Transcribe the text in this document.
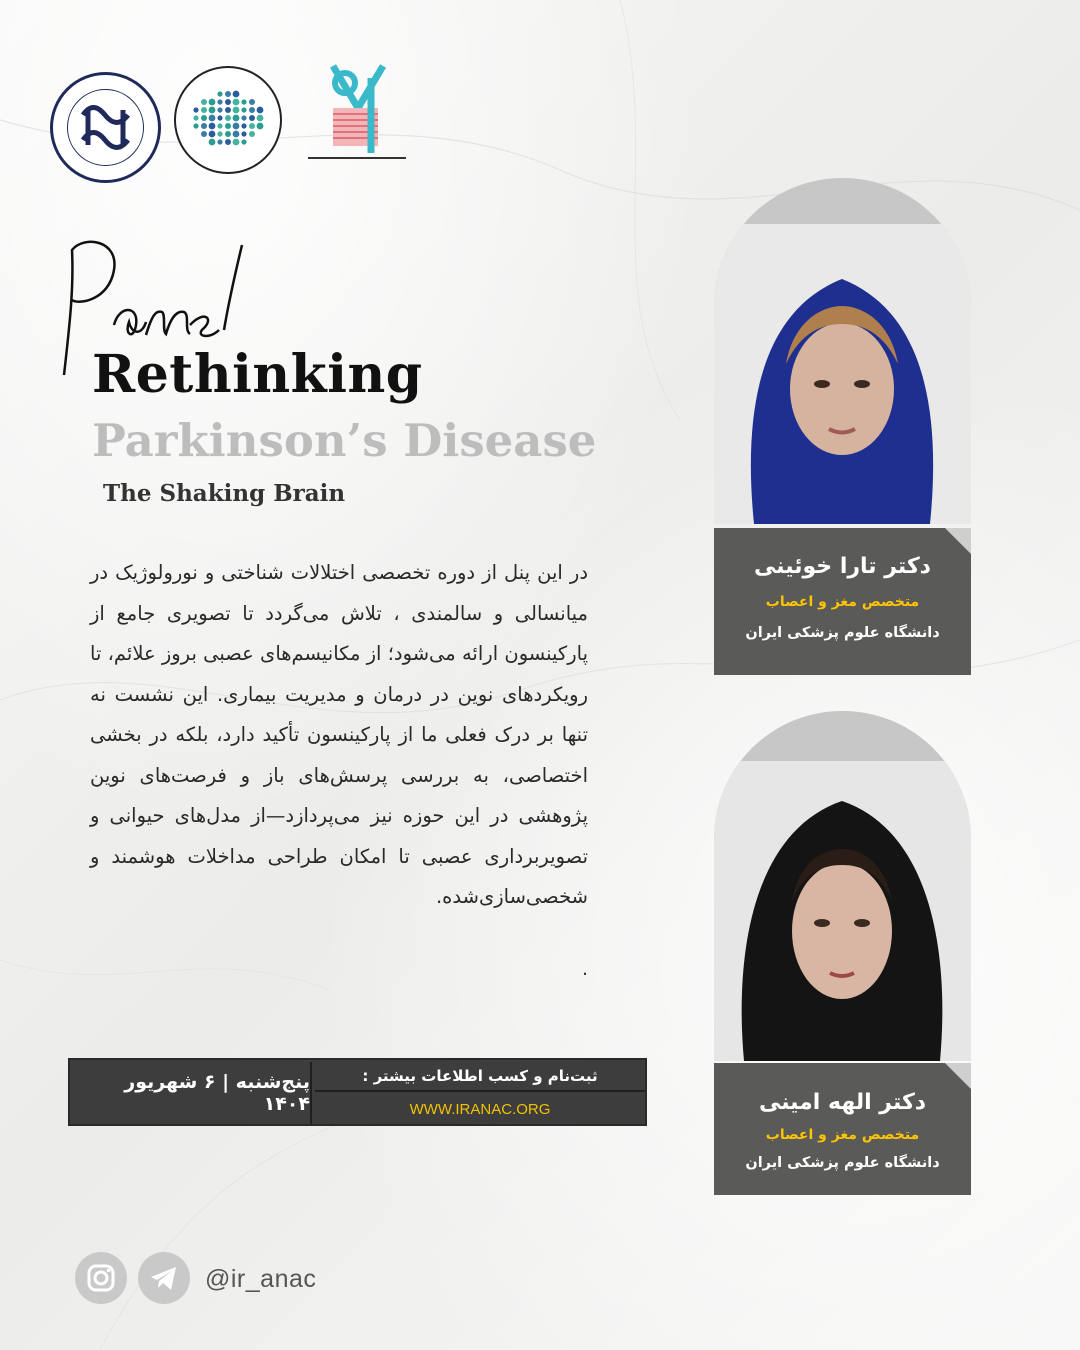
Rethinking
Parkinson’s Disease
The Shaking Brain

در این پنل از دوره تخصصی اختلالات شناختی و نورولوژیک در میانسالی و سالمندی ، تلاش می‌گردد تا تصویری جامع از پارکینسون ارائه می‌شود؛ از مکانیسم‌های عصبی بروز علائم، تا رویکردهای نوین در درمان و مدیریت بیماری. این نشست نه تنها بر درک فعلی ما از پارکینسون تأکید دارد، بلکه در بخشی اختصاصی، به بررسی پرسش‌های باز و فرصت‌های نوین پژوهشی در این حوزه نیز می‌پردازد—از مدل‌های حیوانی و تصویربرداری عصبی تا امکان طراحی مداخلات هوشمند و شخصی‌سازی‌شده.

.
پنج‌شنبه | ۶ شهریور ۱۴۰۴
ثبت‌نام و کسب اطلاعات بیشتر :
WWW.IRANAC.ORG
دکتر تارا خوئینی
متخصص مغز و اعصاب
دانشگاه علوم پزشکی ایران
دکتر الهه امینی
متخصص مغز و اعصاب
دانشگاه علوم پزشکی ایران
@ir_anac
